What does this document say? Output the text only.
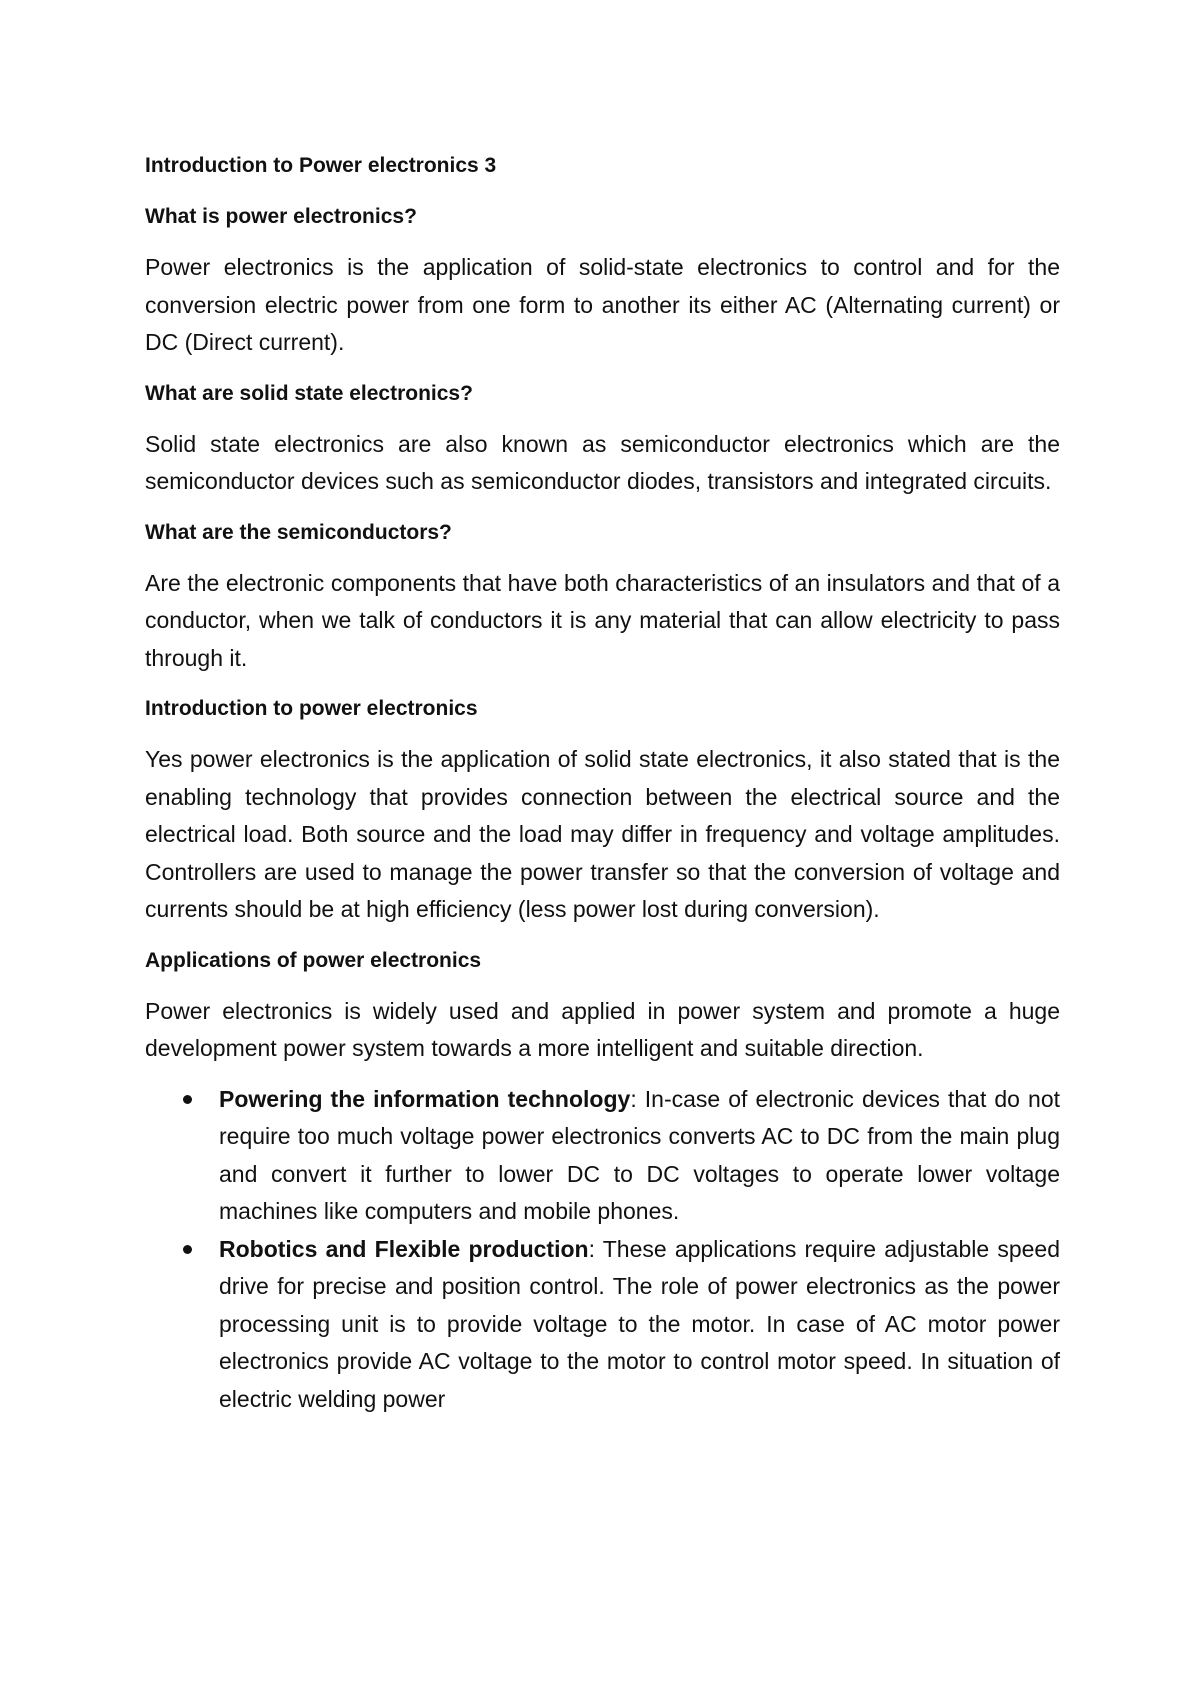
Introduction to Power electronics 3
What is power electronics?
Power electronics is the application of solid-state electronics to control and for the conversion electric power from one form to another its either AC (Alternating current) or DC (Direct current).
What are solid state electronics?
Solid state electronics are also known as semiconductor electronics which are the semiconductor devices such as semiconductor diodes, transistors and integrated circuits.
What are the semiconductors?
Are the electronic components that have both characteristics of an insulators and that of a conductor, when we talk of conductors it is any material that can allow electricity to pass through it.
Introduction to power electronics
Yes power electronics is the application of solid state electronics, it also stated that is the enabling technology that provides connection between the electrical source and the electrical load. Both source and the load may differ in frequency and voltage amplitudes. Controllers are used to manage the power transfer so that the conversion of voltage and currents should be at high efficiency (less power lost during conversion).
Applications of power electronics
Power electronics is widely used and applied in power system and promote a huge development power system towards a more intelligent and suitable direction.
Powering the information technology: In-case of electronic devices that do not require too much voltage power electronics converts AC to DC from the main plug and convert it further to lower DC to DC voltages to operate lower voltage machines like computers and mobile phones.
Robotics and Flexible production: These applications require adjustable speed drive for precise and position control. The role of power electronics as the power processing unit is to provide voltage to the motor. In case of AC motor power electronics provide AC voltage to the motor to control motor speed. In situation of electric welding power
